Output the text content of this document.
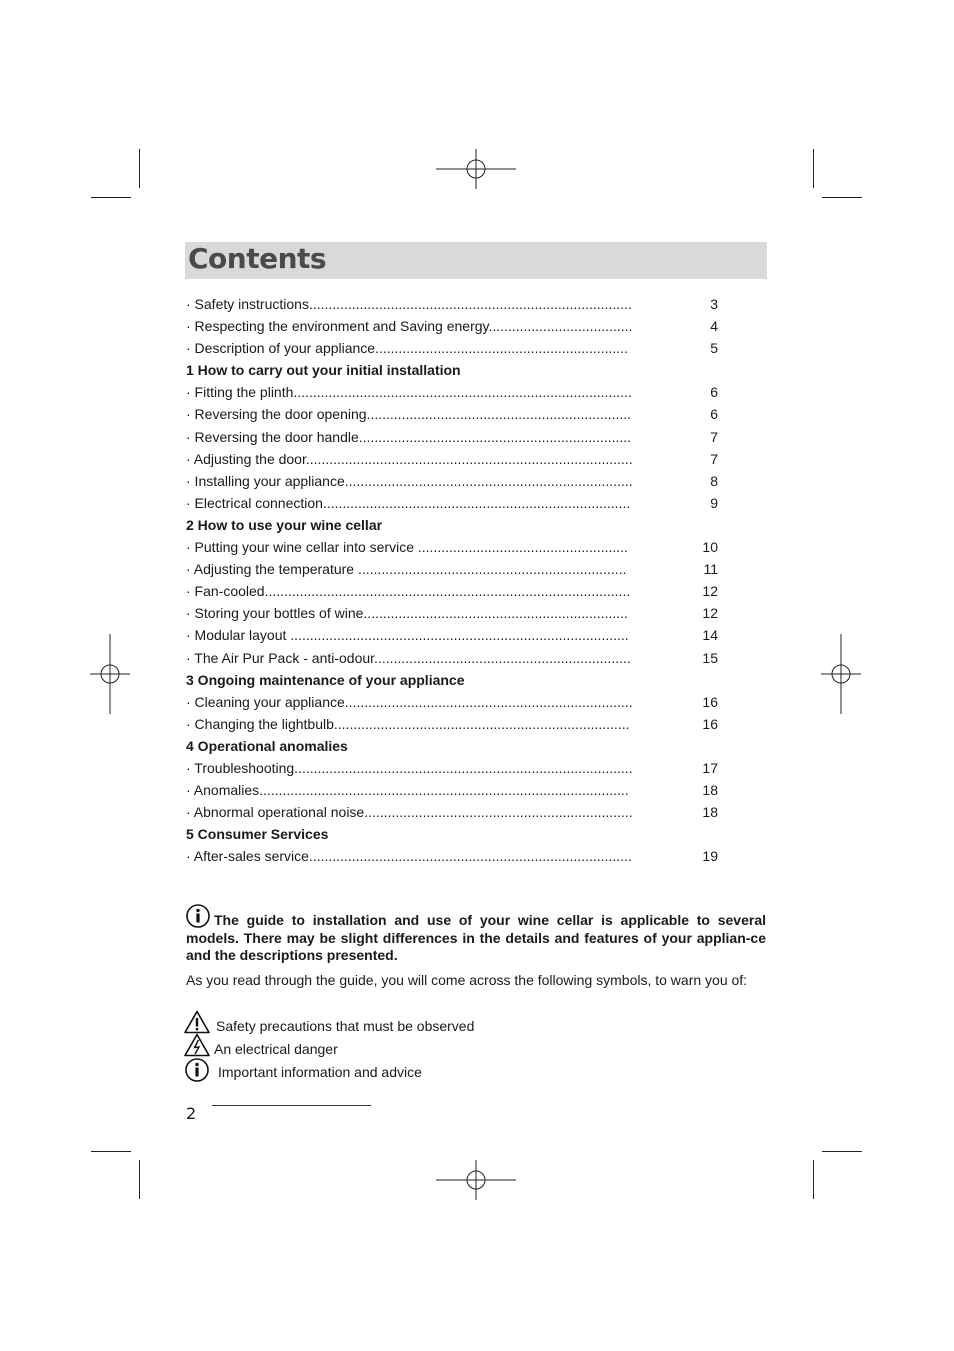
Contents
· Safety instructions...................................................................................	3
· Respecting the environment and Saving energy.....................................	4
· Description of your appliance.................................................................	5
1 How to carry out your initial installation
· Fitting the plinth.......................................................................................	6
· Reversing the door opening....................................................................	6
· Reversing the door handle......................................................................	7
· Adjusting the door....................................................................................	7
· Installing your appliance..........................................................................	8
· Electrical connection...............................................................................	9
2 How to use your wine cellar
· Putting your wine cellar into service ......................................................	10
· Adjusting the temperature .....................................................................	11
· Fan-cooled..............................................................................................	12
· Storing your bottles of wine....................................................................	12
· Modular layout .......................................................................................	14
· The Air Pur Pack - anti-odour..................................................................	15
3 Ongoing maintenance of your appliance
· Cleaning your appliance..........................................................................	16
· Changing the lightbulb............................................................................	16
4 Operational anomalies
· Troubleshooting.......................................................................................	17
· Anomalies...............................................................................................	18
· Abnormal operational noise.....................................................................	18
5 Consumer Services
· After-sales service...................................................................................	19
The guide to installation and use of your wine cellar is applicable to several models. There may be slight differences in the details and features of your applian-ce and the descriptions presented.
As you read through the guide, you will come across the following symbols, to warn you of:
Safety precautions that must be observed
An electrical danger
Important information and advice
2
